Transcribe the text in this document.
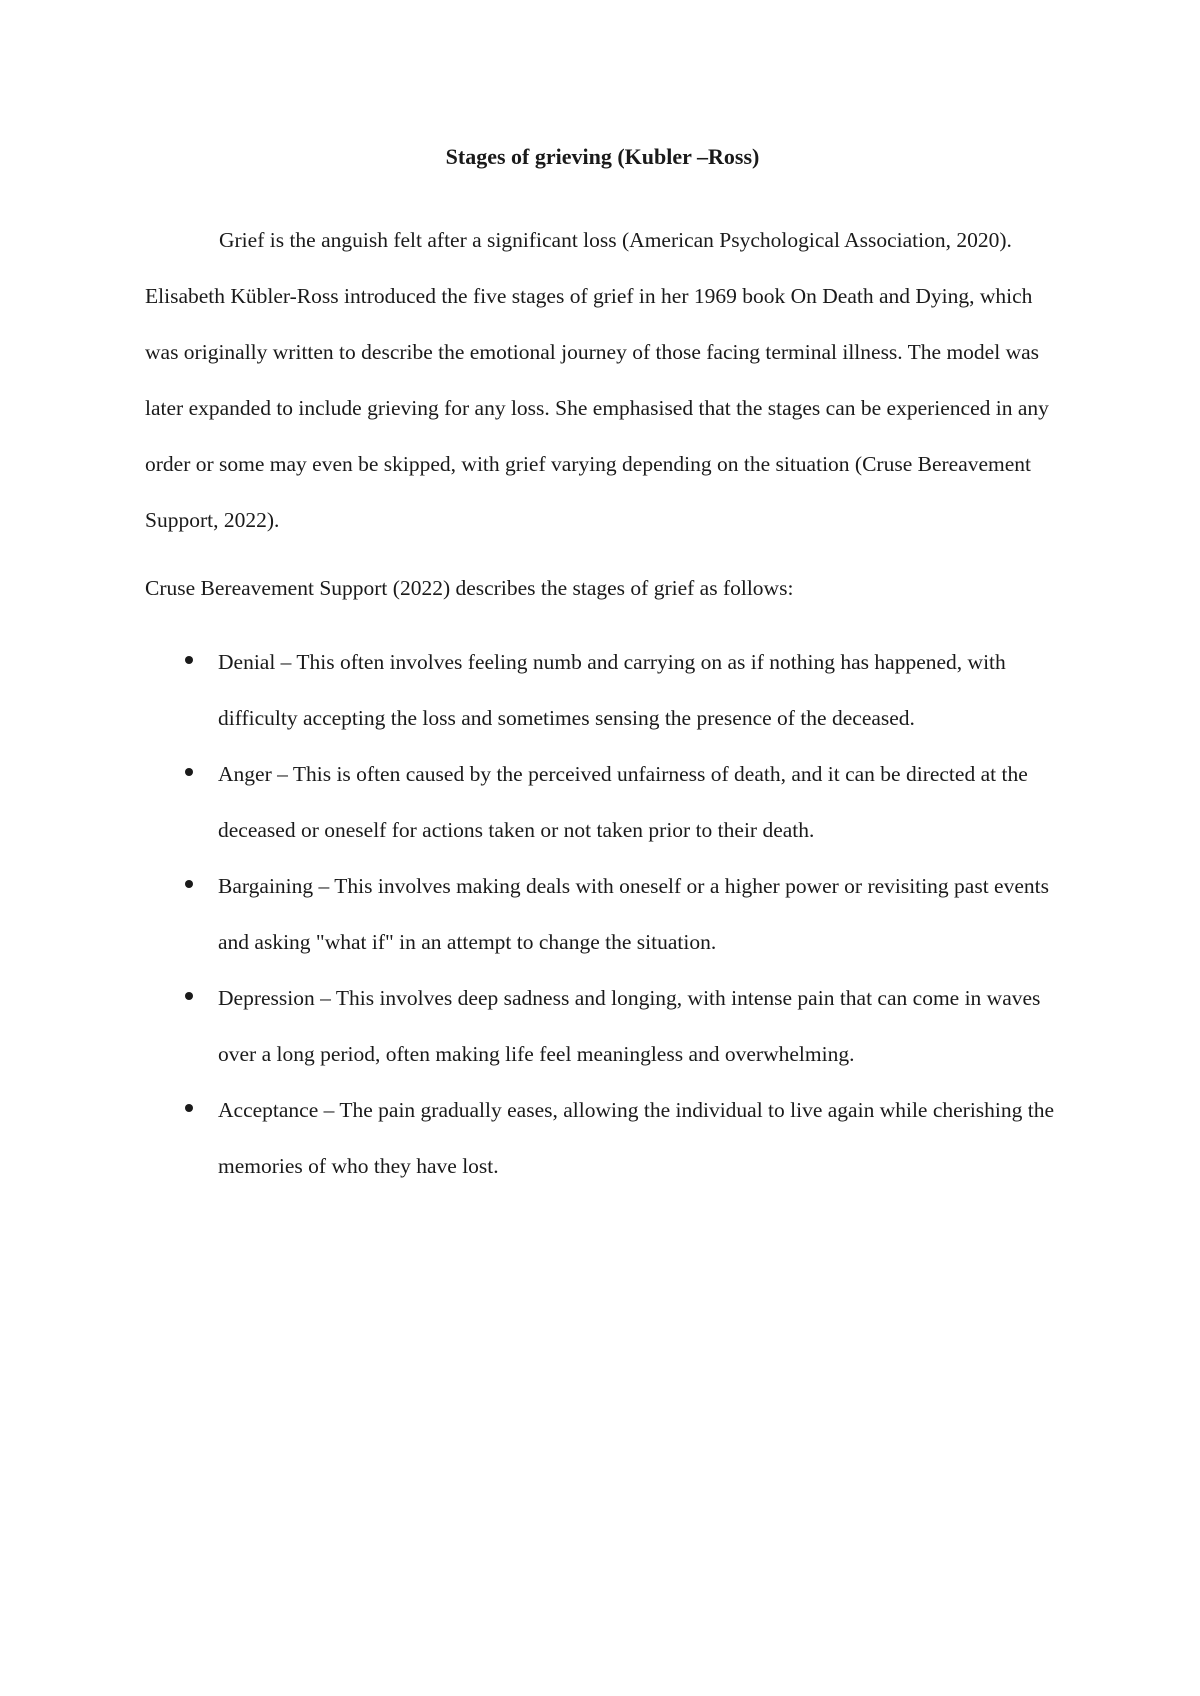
Stages of grieving (Kubler –Ross)

Grief is the anguish felt after a significant loss (American Psychological Association, 2020). Elisabeth Kübler-Ross introduced the five stages of grief in her 1969 book On Death and Dying, which was originally written to describe the emotional journey of those facing terminal illness. The model was later expanded to include grieving for any loss. She emphasised that the stages can be experienced in any order or some may even be skipped, with grief varying depending on the situation (Cruse Bereavement Support, 2022).

Cruse Bereavement Support (2022) describes the stages of grief as follows:

Denial – This often involves feeling numb and carrying on as if nothing has happened, with difficulty accepting the loss and sometimes sensing the presence of the deceased.
Anger – This is often caused by the perceived unfairness of death, and it can be directed at the deceased or oneself for actions taken or not taken prior to their death.
Bargaining – This involves making deals with oneself or a higher power or revisiting past events and asking "what if" in an attempt to change the situation.
Depression – This involves deep sadness and longing, with intense pain that can come in waves over a long period, often making life feel meaningless and overwhelming.
Acceptance – The pain gradually eases, allowing the individual to live again while cherishing the memories of who they have lost.
